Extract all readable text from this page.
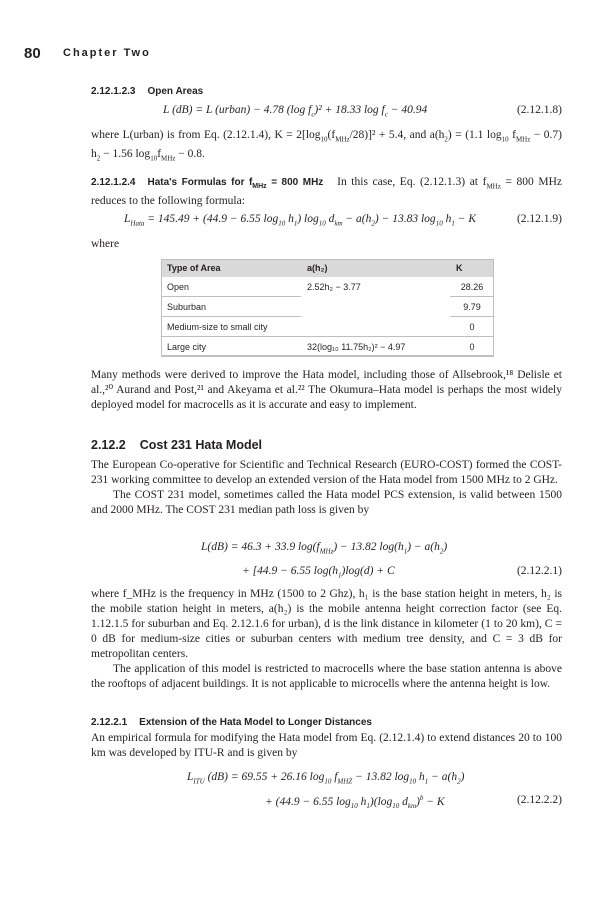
80 Chapter Two
2.12.1.2.3 Open Areas
L (dB) = L (urban) − 4.78 (log $f_c)^2 + 18.33$ $\log f_c - 40.94$	(2.12.1.8)

where L(urban) is from Eq. (2.12.1.4), $K = 2[\log_{10}(f_{MHz}/28)]^2 + 5.4$, and $a(h_2) = (1.1$ $\log_{10} f_{MHz} - 0.7$) $h_2 - 1.56$ $\log_{10}f_{MHz} - 0.8$.

2.12.1.2.4 Hata's Formulas for $f_{MHz} = 800$ MHz In this case, Eq. (2.12.1.3) at $f_{MHz} = 800$ MHz reduces to the following formula:

$L_{Hata} = 145.49 + (44.9 - 6.55$ $\log_{10} h_1$) $\log_{10} d_{km} - a(h_2) - 13.83$ $\log_{10} h_1 - K$	(2.12.1.9)
where
Type of Area	a(h₂)	K
Open	2.52h₂ − 3.77	28.26
Suburban		9.79
Medium-size to small city		0
Large city	32(log₁₀ 11.75h₂)² − 4.97	0

Many methods were derived to improve the Hata model, including those of Allsebrook,¹⁸ Delisle et al.,²⁰ Aurand and Post,²¹ and Akeyama et al.²² The Okumura–Hata model is perhaps the most widely deployed model for macrocells as it is accurate and easy to implement.

2.12.2 Cost 231 Hata Model

The European Co-operative for Scientific and Technical Research (EURO-COST) formed the COST-231 working committee to develop an extended version of the Hata model from 1500 MHz to 2 GHz.

The COST 231 model, sometimes called the Hata model PCS extension, is valid between 1500 and 2000 MHz. The COST 231 median path loss is given by

L(dB) = 46.3 + 33.9 $\log(f_{MHz}) - 13.82$ $\log(h_1) - a(h_2)$
+ [44.9 − 6.55 $\log(h_1)\log(d) + C$	(2.12.2.1)

where f_MHz is the frequency in MHz (1500 to 2 Ghz), h₁ is the base station height in meters, h₂ is the mobile station height in meters, a(h₂) is the mobile antenna height correction factor (see Eq. 1.12.1.5 for suburban and Eq. 2.12.1.6 for urban), d is the link distance in kilometer (1 to 20 km), C = 0 dB for medium-size cities or suburban centers with medium tree density, and C = 3 dB for metropolitan centers.

The application of this model is restricted to macrocells where the base station antenna is above the rooftops of adjacent buildings. It is not applicable to microcells where the antenna height is low.

2.12.2.1 Extension of the Hata Model to Longer Distances

An empirical formula for modifying the Hata model from Eq. (2.12.1.4) to extend distances 20 to 100 km was developed by ITU-R and is given by

$L_{ITU}$ (dB) = 69.55 + 26.16 $\log_{10} f_{MHZ} - 13.82$ $\log_{10} h_1 - a(h_2)$
+ (44.9 − 6.55 $\log_{10} h_1)(\log_{10}$ $d_{km})^b - K$	(2.12.2.2)
